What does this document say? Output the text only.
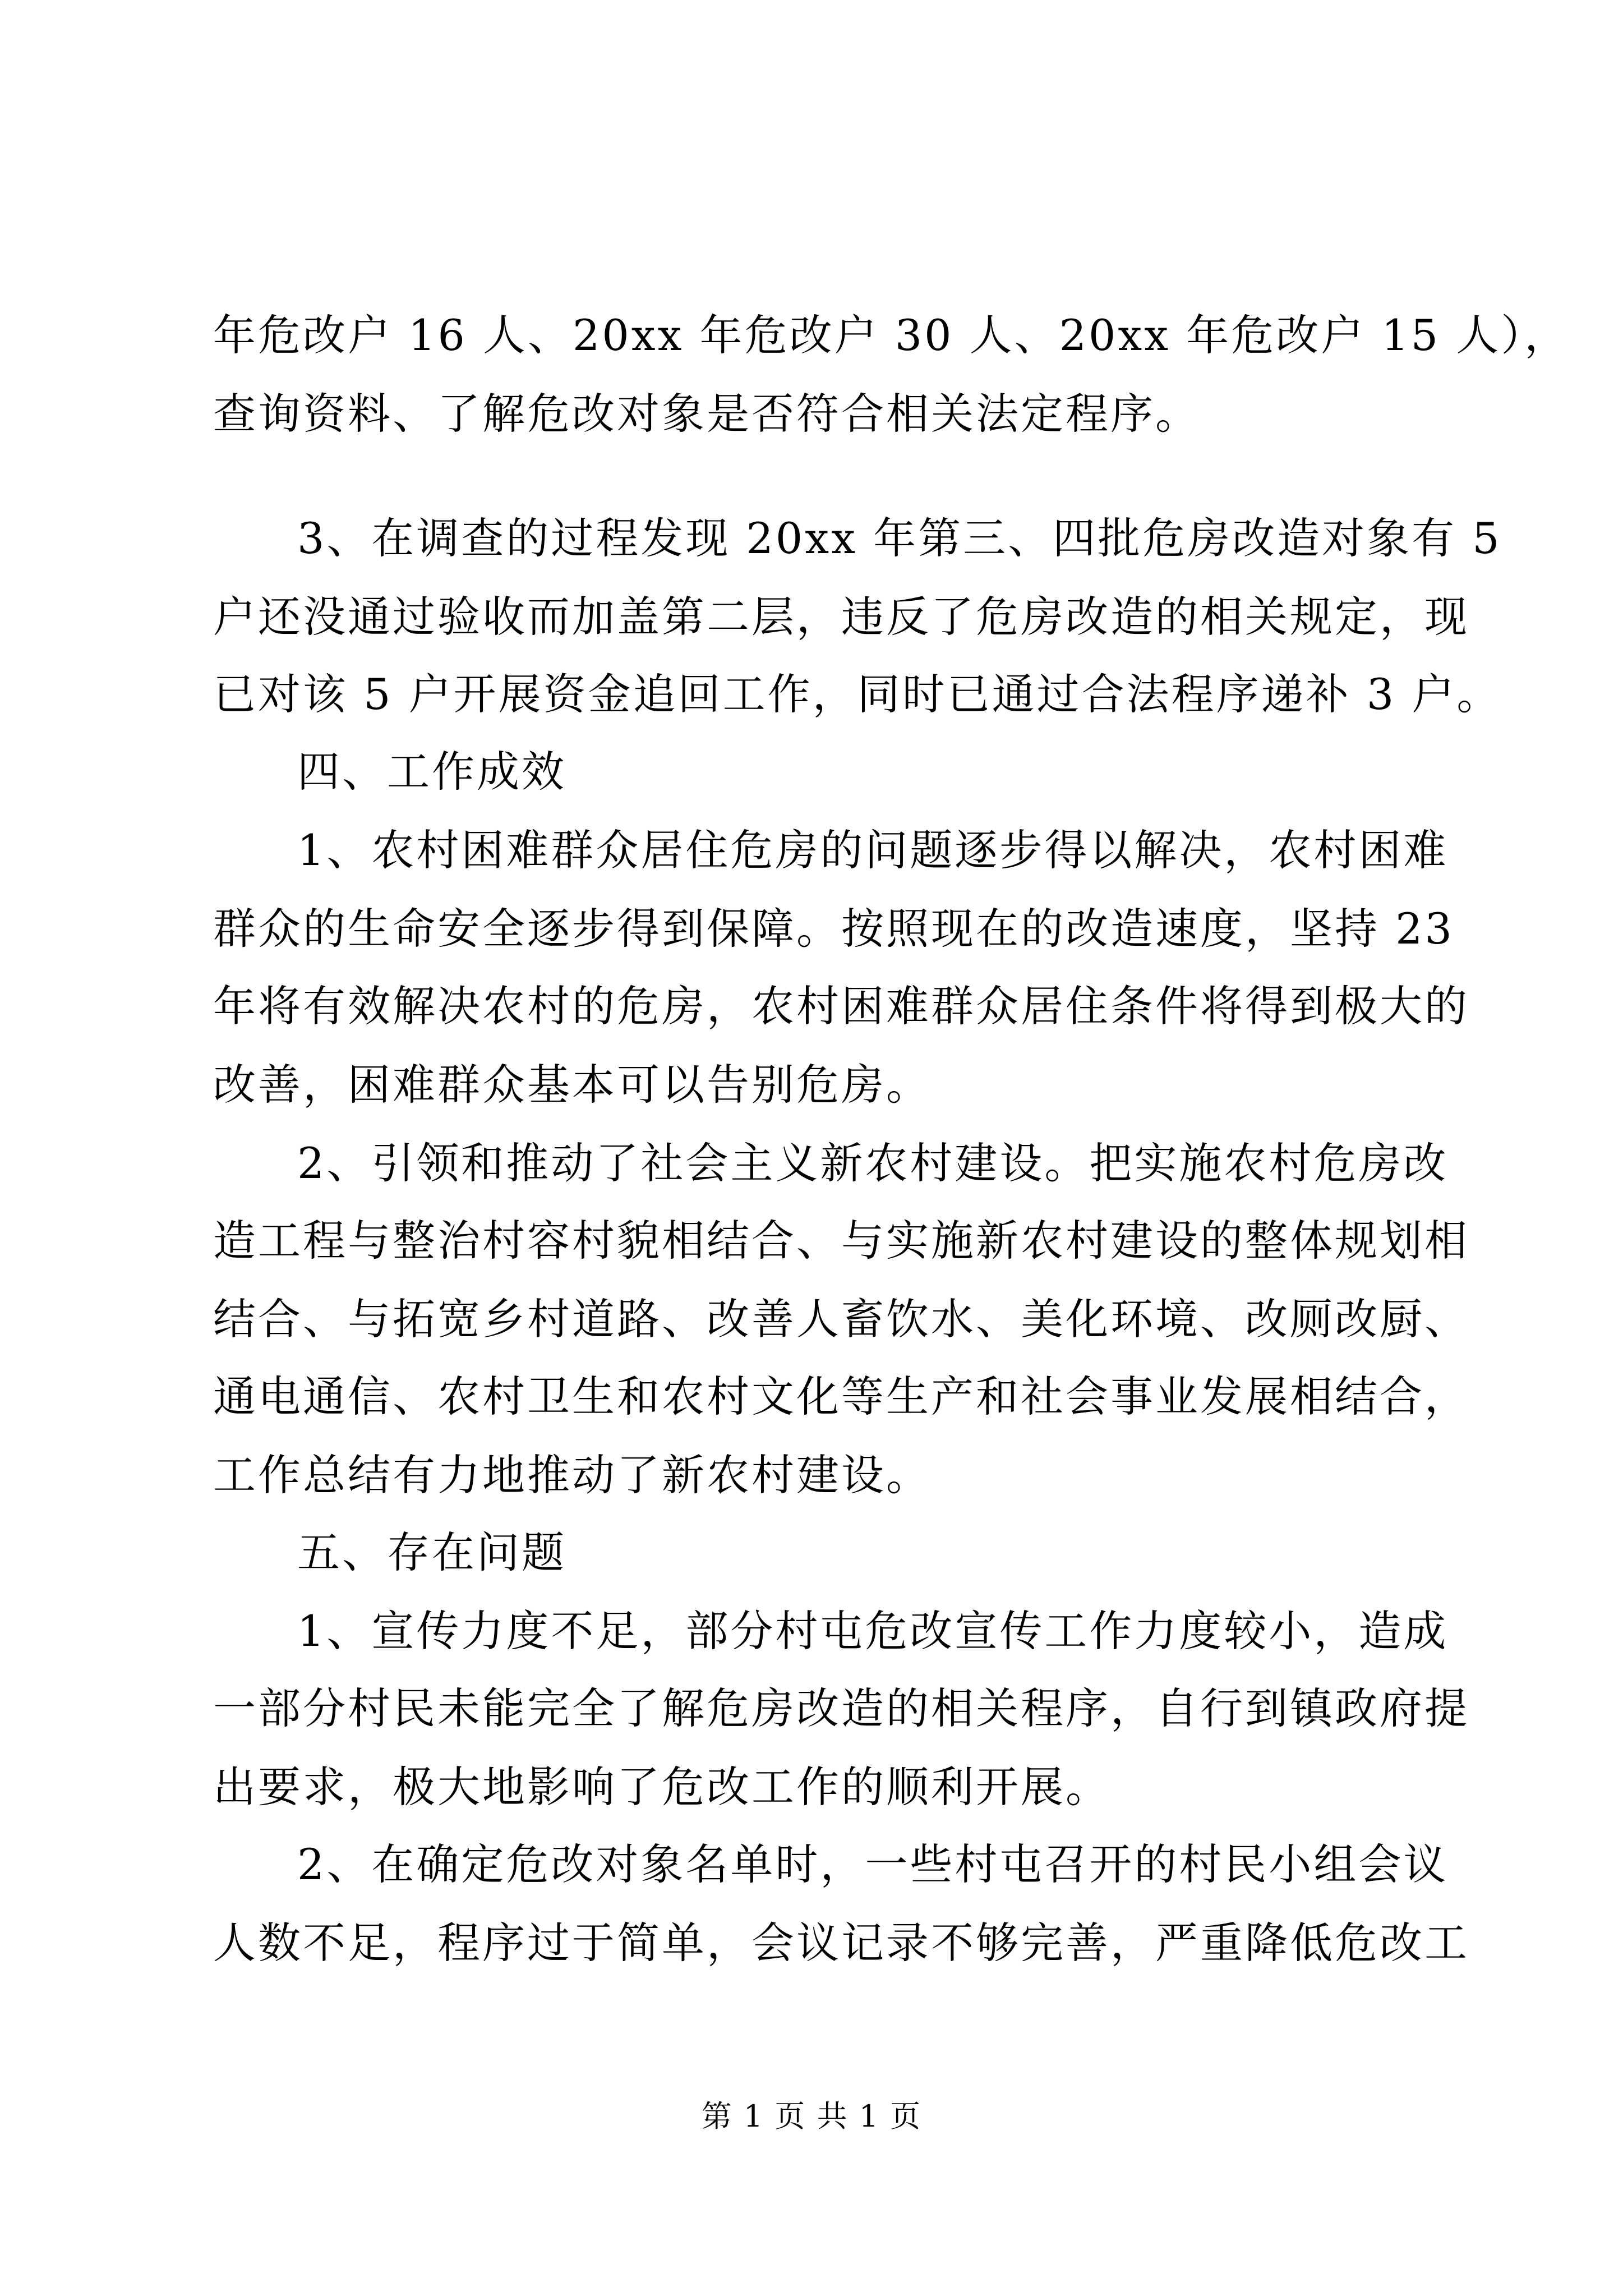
年危改户 16 人、20xx 年危改户 30 人、20xx 年危改户 15 人），
查询资料、了解危改对象是否符合相关法定程序。
3、在调查的过程发现 20xx 年第三、四批危房改造对象有 5
户还没通过验收而加盖第二层，违反了危房改造的相关规定，现
已对该 5 户开展资金追回工作，同时已通过合法程序递补 3 户。
四、工作成效
1、农村困难群众居住危房的问题逐步得以解决，农村困难
群众的生命安全逐步得到保障。按照现在的改造速度，坚持 23
年将有效解决农村的危房，农村困难群众居住条件将得到极大的
改善，困难群众基本可以告别危房。
2、引领和推动了社会主义新农村建设。把实施农村危房改
造工程与整治村容村貌相结合、与实施新农村建设的整体规划相
结合、与拓宽乡村道路、改善人畜饮水、美化环境、改厕改厨、
通电通信、农村卫生和农村文化等生产和社会事业发展相结合，
工作总结有力地推动了新农村建设。
五、存在问题
1、宣传力度不足，部分村屯危改宣传工作力度较小，造成
一部分村民未能完全了解危房改造的相关程序，自行到镇政府提
出要求，极大地影响了危改工作的顺利开展。
2、在确定危改对象名单时，一些村屯召开的村民小组会议
人数不足，程序过于简单，会议记录不够完善，严重降低危改工
第 1 页 共 1 页
